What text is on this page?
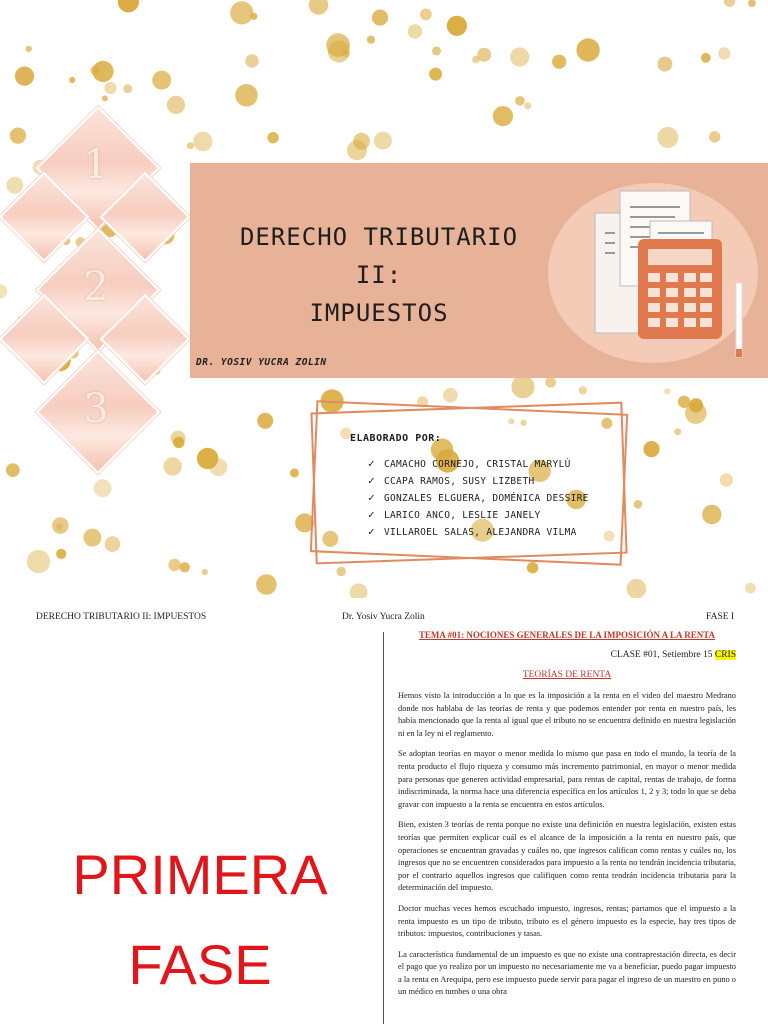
1
2
3
DERECHO TRIBUTARIO II:
IMPUESTOS
DR. YOSIV YUCRA ZOLIN
ELABORADO POR:
✓ CAMACHO CORNEJO, CRISTAL MARYLÚ
✓ CCAPA RAMOS, SUSY LIZBETH
✓ GONZALES ELGUERA, DOMÉNICA DESSIRE
✓ LARICO ANCO, LESLIE JANELY
✓ VILLAROEL SALAS, ALEJANDRA VILMA
DERECHO TRIBUTARIO II: IMPUESTOS	Dr. Yosiv Yucra Zolin	FASE I
PRIMERA
FASE
TEMA #01: NOCIONES GENERALES DE LA IMPOSICIÓN A LA RENTA
CLASE #01, Setiembre 15 CRIS
TEORÍAS DE RENTA

Hemos visto la introducción a lo que es la imposición a la renta en el video del maestro Medrano donde nos hablaba de las teorías de renta y que podemos entender por renta en nuestro país, les había mencionado que la renta al igual que el tributo no se encuentra definido en nuestra legislación ni en la ley ni el reglamento.

Se adoptan teorías en mayor o menor medida lo mismo que pasa en todo el mundo, la teoría de la renta producto el flujo riqueza y consumo más incremento patrimonial, en mayor o menor medida para personas que generen actividad empresarial, para rentas de capital, rentas de trabajo, de forma indiscriminada, la norma hace una diferencia específica en los artículos 1, 2 y 3; todo lo que se deba gravar con impuesto a la renta se encuentra en estos artículos.

Bien, existen 3 teorías de renta porque no existe una definición en nuestra legislación, existen estas teorías que permiten explicar cuál es el alcance de la imposición a la renta en nuestro país, que operaciones se encuentran gravadas y cuáles no, que ingresos califican como rentas y cuáles no, los ingresos que no se encuentren considerados para impuesto a la renta no tendrán incidencia tributaria, por el contrario aquellos ingresos que califiquen como renta tendrán incidencia tributaria para la determinación del impuesto.

Doctor muchas veces hemos escuchado impuesto, ingresos, rentas; partamos que el impuesto a la renta impuesto es un tipo de tributo, tributo es el género impuesto es la especie, hay tres tipos de tributos: impuestos, contribuciones y tasas.

La característica fundamental de un impuesto es que no existe una contraprestación directa, es decir el pago que yo realizo por un impuesto no necesariamente me va a beneficiar, puedo pagar impuesto a la renta en Arequipa, pero ese impuesto puede servir para pagar el ingreso de un maestro en puno o un médico en tumbes o una obra
